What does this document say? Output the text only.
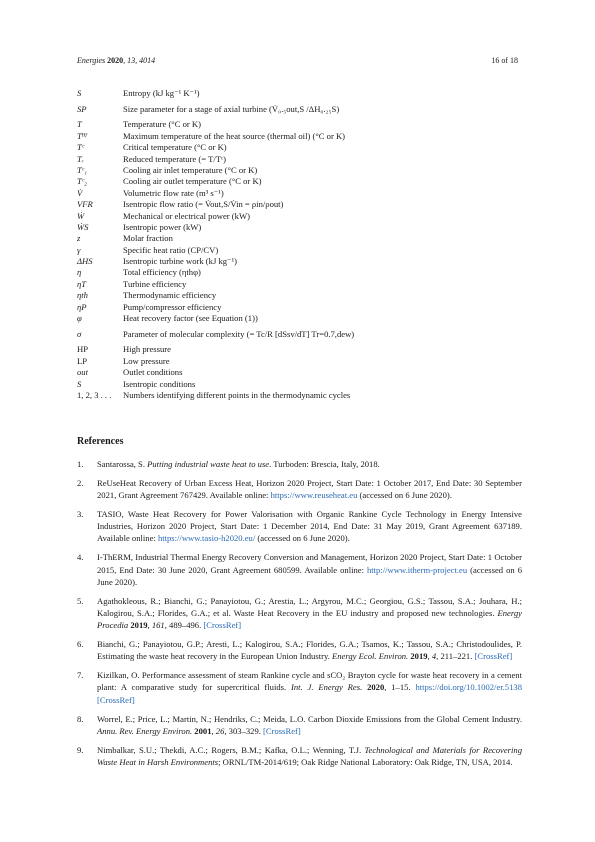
Energies 2020, 13, 4014	16 of 18
S	Entropy (kJ kg⁻¹ K⁻¹)
SP	Size parameter for a stage of axial turbine (V̇₀.₅out,S /ΔH₀.₂₅S)
T	Temperature (°C or K)
Tᴴᶠ	Maximum temperature of the heat source (thermal oil) (°C or K)
Tᶜ	Critical temperature (°C or K)
Tᵣ	Reduced temperature (= T/Tᶜ)
Tᶜ₁	Cooling air inlet temperature (°C or K)
Tᶜ₂	Cooling air outlet temperature (°C or K)
V̇	Volumetric flow rate (m³ s⁻¹)
VFR	Isentropic flow ratio (= V̇out,S/V̇in = ρin/ρout)
Ẇ	Mechanical or electrical power (kW)
ẆS	Isentropic power (kW)
z	Molar fraction
γ	Specific heat ratio (CP/CV)
ΔHS	Isentropic turbine work (kJ kg⁻¹)
η	Total efficiency (ηthφ)
ηT	Turbine efficiency
ηth	Thermodynamic efficiency
ηP	Pump/compressor efficiency
φ	Heat recovery factor (see Equation (1))
σ	Parameter of molecular complexity (= Tc/R [dSsv/dT] Tr=0.7,dew)
HP	High pressure
LP	Low pressure
out	Outlet conditions
S	Isentropic conditions
1, 2, 3 . . .	Numbers identifying different points in the thermodynamic cycles
References
1.	Santarossa, S. Putting industrial waste heat to use. Turboden: Brescia, Italy, 2018.
2.	ReUseHeat Recovery of Urban Excess Heat, Horizon 2020 Project, Start Date: 1 October 2017, End Date: 30 September 2021, Grant Agreement 767429. Available online: https://www.reuseheat.eu (accessed on 6 June 2020).
3.	TASIO, Waste Heat Recovery for Power Valorisation with Organic Rankine Cycle Technology in Energy Intensive Industries, Horizon 2020 Project, Start Date: 1 December 2014, End Date: 31 May 2019, Grant Agreement 637189. Available online: https://www.tasio-h2020.eu/ (accessed on 6 June 2020).
4.	I-ThERM, Industrial Thermal Energy Recovery Conversion and Management, Horizon 2020 Project, Start Date: 1 October 2015, End Date: 30 June 2020, Grant Agreement 680599. Available online: http://www.itherm-project.eu (accessed on 6 June 2020).
5.	Agathokleous, R.; Bianchi, G.; Panayiotou, G.; Arestia, L.; Argyrou, M.C.; Georgiou, G.S.; Tassou, S.A.; Jouhara, H.; Kalogirou, S.A.; Florides, G.A.; et al. Waste Heat Recovery in the EU industry and proposed new technologies. Energy Procedia 2019, 161, 489–496. [CrossRef]
6.	Bianchi, G.; Panayiotou, G.P.; Aresti, L.; Kalogirou, S.A.; Florides, G.A.; Tsamos, K.; Tassou, S.A.; Christodoulides, P. Estimating the waste heat recovery in the European Union Industry. Energy Ecol. Environ. 2019, 4, 211–221. [CrossRef]
7.	Kizilkan, O. Performance assessment of steam Rankine cycle and sCO₂ Brayton cycle for waste heat recovery in a cement plant: A comparative study for supercritical fluids. Int. J. Energy Res. 2020, 1–15. https://doi.org/10.1002/er.5138 [CrossRef]
8.	Worrel, E.; Price, L.; Martin, N.; Hendriks, C.; Meida, L.O. Carbon Dioxide Emissions from the Global Cement Industry. Annu. Rev. Energy Environ. 2001, 26, 303–329. [CrossRef]
9.	Nimbalkar, S.U.; Thekdi, A.C.; Rogers, B.M.; Kafka, O.L.; Wenning, T.J. Technological and Materials for Recovering Waste Heat in Harsh Environments; ORNL/TM-2014/619; Oak Ridge National Laboratory: Oak Ridge, TN, USA, 2014.
